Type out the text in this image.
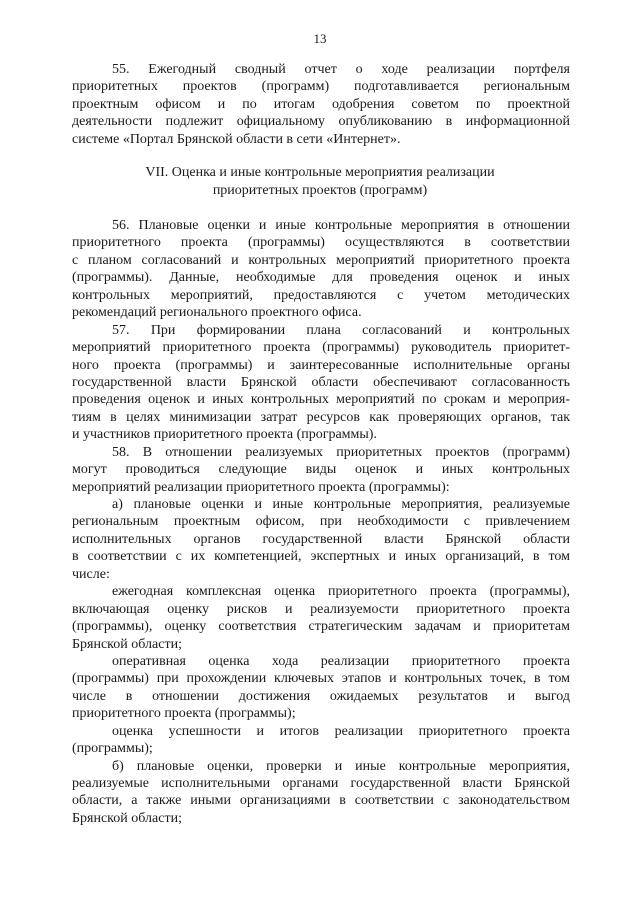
13
55. Ежегодный сводный отчет о ходе реализации портфеля
приоритетных проектов (программ) подготавливается региональным
проектным офисом и по итогам одобрения советом по проектной
деятельности подлежит официальному опубликованию в информационной
системе «Портал Брянской области в сети «Интернет».
VII. Оценка и иные контрольные мероприятия реализации
приоритетных проектов (программ)
56. Плановые оценки и иные контрольные мероприятия в отношении
приоритетного проекта (программы) осуществляются в соответствии
с планом согласований и контрольных мероприятий приоритетного проекта
(программы). Данные, необходимые для проведения оценок и иных
контрольных мероприятий, предоставляются с учетом методических
рекомендаций регионального проектного офиса.
57. При формировании плана согласований и контрольных
мероприятий приоритетного проекта (программы) руководитель приоритет-
ного проекта (программы) и заинтересованные исполнительные органы
государственной власти Брянской области обеспечивают согласованность
проведения оценок и иных контрольных мероприятий по срокам и мероприя-
тиям в целях минимизации затрат ресурсов как проверяющих органов, так
и участников приоритетного проекта (программы).
58. В отношении реализуемых приоритетных проектов (программ)
могут проводиться следующие виды оценок и иных контрольных
мероприятий реализации приоритетного проекта (программы):
а) плановые оценки и иные контрольные мероприятия, реализуемые
региональным проектным офисом, при необходимости с привлечением
исполнительных органов государственной власти Брянской области
в соответствии с их компетенцией, экспертных и иных организаций, в том
числе:
ежегодная комплексная оценка приоритетного проекта (программы),
включающая оценку рисков и реализуемости приоритетного проекта
(программы), оценку соответствия стратегическим задачам и приоритетам
Брянской области;
оперативная оценка хода реализации приоритетного проекта
(программы) при прохождении ключевых этапов и контрольных точек, в том
числе в отношении достижения ожидаемых результатов и выгод
приоритетного проекта (программы);
оценка успешности и итогов реализации приоритетного проекта
(программы);
б) плановые оценки, проверки и иные контрольные мероприятия,
реализуемые исполнительными органами государственной власти Брянской
области, а также иными организациями в соответствии с законодательством
Брянской области;
